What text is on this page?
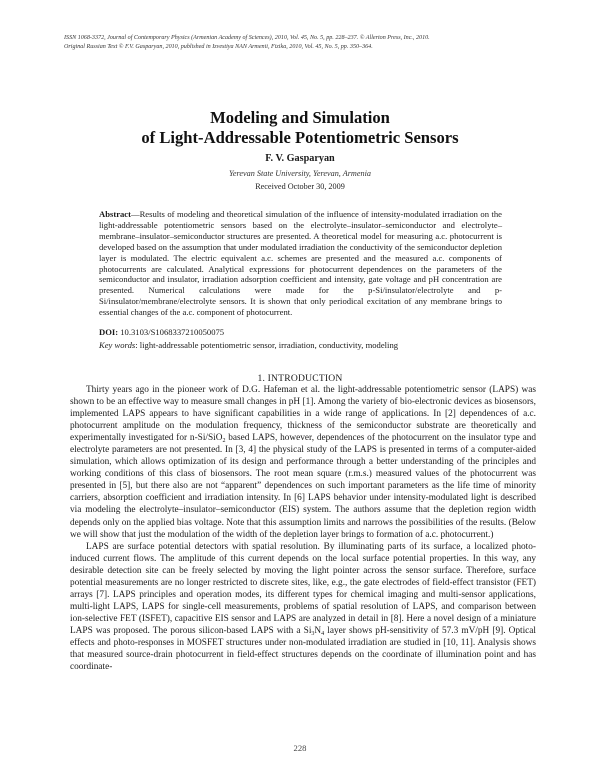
ISSN 1068-3372, Journal of Contemporary Physics (Armenian Academy of Sciences), 2010, Vol. 45, No. 5, pp. 228–237. © Allerton Press, Inc., 2010.
Original Russian Text © F.V. Gasparyan, 2010, published in Izvestiya NAN Armenii, Fizika, 2010, Vol. 45, No. 5, pp. 350–364.
Modeling and Simulation
of Light-Addressable Potentiometric Sensors
F. V. Gasparyan
Yerevan State University, Yerevan, Armenia
Received October 30, 2009
Abstract—Results of modeling and theoretical simulation of the influence of intensity-modulated irradiation on the light-addressable potentiometric sensors based on the electrolyte–insulator–semiconductor and electrolyte–membrane–insulator–semiconductor structures are presented. A theoretical model for measuring a.c. photocurrent is developed based on the assumption that under modulated irradiation the conductivity of the semiconductor depletion layer is modulated. The electric equivalent a.c. schemes are presented and the measured a.c. components of photocurrents are calculated. Analytical expressions for photocurrent dependences on the parameters of the semiconductor and insulator, irradiation adsorption coefficient and intensity, gate voltage and pH concentration are presented. Numerical calculations were made for the p-Si/insulator/electrolyte and p-Si/insulator/membrane/electrolyte sensors. It is shown that only periodical excitation of any membrane brings to essential changes of the a.c. component of photocurrent.
DOI: 10.3103/S1068337210050075
Key words: light-addressable potentiometric sensor, irradiation, conductivity, modeling
1. INTRODUCTION

Thirty years ago in the pioneer work of D.G. Hafeman et al. the light-addressable potentiometric sensor (LAPS) was shown to be an effective way to measure small changes in pH [1]. Among the variety of bio-electronic devices as biosensors, implemented LAPS appears to have significant capabilities in a wide range of applications. In [2] dependences of a.c. photocurrent amplitude on the modulation frequency, thickness of the semiconductor substrate are theoretically and experimentally investigated for n-Si/SiO$_2$ based LAPS, however, dependences of the photocurrent on the insulator type and electrolyte parameters are not presented. In [3, 4] the physical study of the LAPS is presented in terms of a computer-aided simulation, which allows optimization of its design and performance through a better understanding of the principles and working conditions of this class of biosensors. The root mean square (r.m.s.) measured values of the photocurrent was presented in [5], but there also are not “apparent” dependences on such important parameters as the life time of minority carriers, absorption coefficient and irradiation intensity. In [6] LAPS behavior under intensity-modulated light is described via modeling the electrolyte–insulator–semiconductor (EIS) system. The authors assume that the depletion region width depends only on the applied bias voltage. Note that this assumption limits and narrows the possibilities of the results. (Below we will show that just the modulation of the width of the depletion layer brings to formation of a.c. photocurrent.)

LAPS are surface potential detectors with spatial resolution. By illuminating parts of its surface, a localized photo-induced current flows. The amplitude of this current depends on the local surface potential properties. In this way, any desirable detection site can be freely selected by moving the light pointer across the sensor surface. Therefore, surface potential measurements are no longer restricted to discrete sites, like, e.g., the gate electrodes of field-effect transistor (FET) arrays [7]. LAPS principles and operation modes, its different types for chemical imaging and multi-sensor applications, multi-light LAPS, LAPS for single-cell measurements, problems of spatial resolution of LAPS, and comparison between ion-selective FET (ISFET), capacitive EIS sensor and LAPS are analyzed in detail in [8]. Here a novel design of a miniature LAPS was proposed. The porous silicon-based LAPS with a $Si_3N_4$ layer shows pH-sensitivity of 57.3 mV/pH [9]. Optical effects and photo-responses in MOSFET structures under non-modulated irradiation are studied in [10, 11]. Analysis shows that measured source-drain photocurrent in field-effect structures depends on the coordinate of illumination point and has coordinate-

228
